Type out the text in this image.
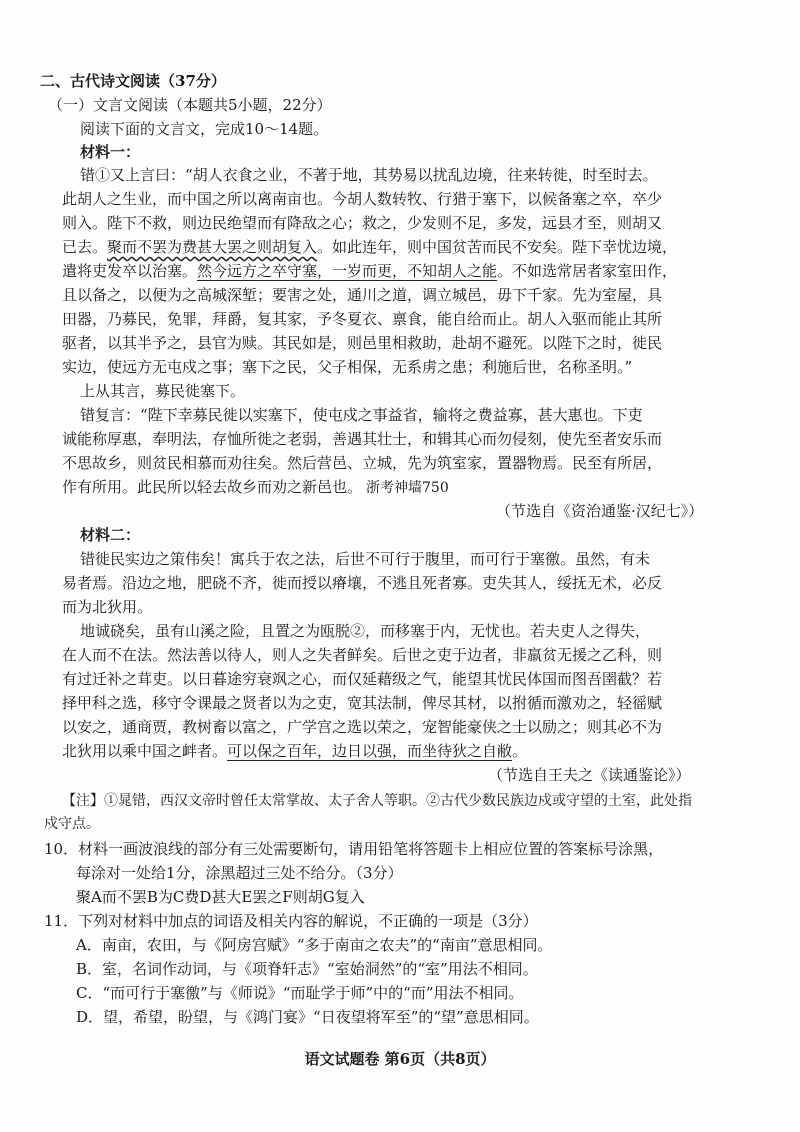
二、古代诗文阅读（37分）
（一）文言文阅读（本题共5小题，22分）
阅读下面的文言文，完成10～14题。
材料一：
错①又上言曰：“胡人衣食之业，不著于地，其势易以扰乱边境，往来转徙，时至时去。
此胡人之生业，而中国之所以离南亩也。今胡人数转牧、行猎于塞下，以候备塞之卒，卒少
则入。陛下不救，则边民绝望而有降敌之心；救之，少发则不足，多发，远县才至，则胡又
已去。聚而不罢为费甚大罢之则胡复入。如此连年，则中国贫苦而民不安矣。陛下幸忧边境，
遣将吏发卒以治塞。然今远方之卒守塞，一岁而更，不知胡人之能。不如选常居者家室田作，
且以备之，以便为之高城深堑；要害之处，通川之道，调立城邑，毋下千家。先为室屋，具
田器，乃募民，免罪，拜爵，复其家，予冬夏衣、禀食，能自给而止。胡人入驱而能止其所
驱者，以其半予之，县官为赎。其民如是，则邑里相救助，赴胡不避死。以陛下之时，徙民
实边，使远方无屯戍之事；塞下之民，父子相保，无系虏之患；利施后世，名称圣明。”
上从其言，募民徙塞下。
错复言：“陛下幸募民徙以实塞下，使屯戍之事益省，输将之费益寡，甚大惠也。下吏
诚能称厚惠，奉明法，存恤所徙之老弱，善遇其壮士，和辑其心而勿侵刻，使先至者安乐而
不思故乡，则贫民相慕而劝往矣。然后营邑、立城，先为筑室家，置器物焉。民至有所居，
作有所用。此民所以轻去故乡而劝之新邑也。 浙考神墙750
（节选自《资治通鉴·汉纪七》）
材料二：
错徙民实边之策伟矣！寓兵于农之法，后世不可行于腹里，而可行于塞徼。虽然，有未
易者焉。沿边之地，肥硗不齐，徙而授以瘠壤，不逃且死者寡。吏失其人，绥抚无术，必反
而为北狄用。
地诚硗矣，虽有山溪之险，且置之为瓯脱②，而移塞于内，无忧也。若夫吏人之得失，
在人而不在法。然法善以待人，则人之失者鲜矣。后世之吏于边者，非羸贫无援之乙科，则
有过迁补之茸吏。以日暮途穷衰飒之心，而仅延藉级之气，能望其忧民体国而图吾圉截？若
择甲科之选，移守令课最之贤者以为之吏，宽其法制，俾尽其材，以拊循而激劝之，轻徭赋
以安之，通商贾，教树畜以富之，广学宫之选以荣之，宠智能豪侠之士以励之；则其必不为
北狄用以乘中国之衅者。可以保之百年，边日以强，而坐待狄之自敝。
（节选自王夫之《读通鉴论》）
【注】①晁错，西汉文帝时曾任太常掌故、太子舍人等职。②古代少数民族边戍或守望的土室，此处指
戍守点。
10．材料一画波浪线的部分有三处需要断句，请用铅笔将答题卡上相应位置的答案标号涂黑，
每涂对一处给1分，涂黑超过三处不给分。（3分）
聚A而不罢B为C费D甚大E罢之F则胡G复入
11．下列对材料中加点的词语及相关内容的解说，不正确的一项是（3分）
A．南亩，农田，与《阿房宫赋》“多于南亩之农夫”的“南亩”意思相同。
B．室，名词作动词，与《项脊轩志》“室始洞然”的“室”用法不相同。
C．“而可行于塞徼”与《师说》“而耻学于师”中的“而”用法不相同。
D．望，希望，盼望，与《鸿门宴》“日夜望将军至”的“望”意思相同。
语文试题卷 第6页（共8页）
